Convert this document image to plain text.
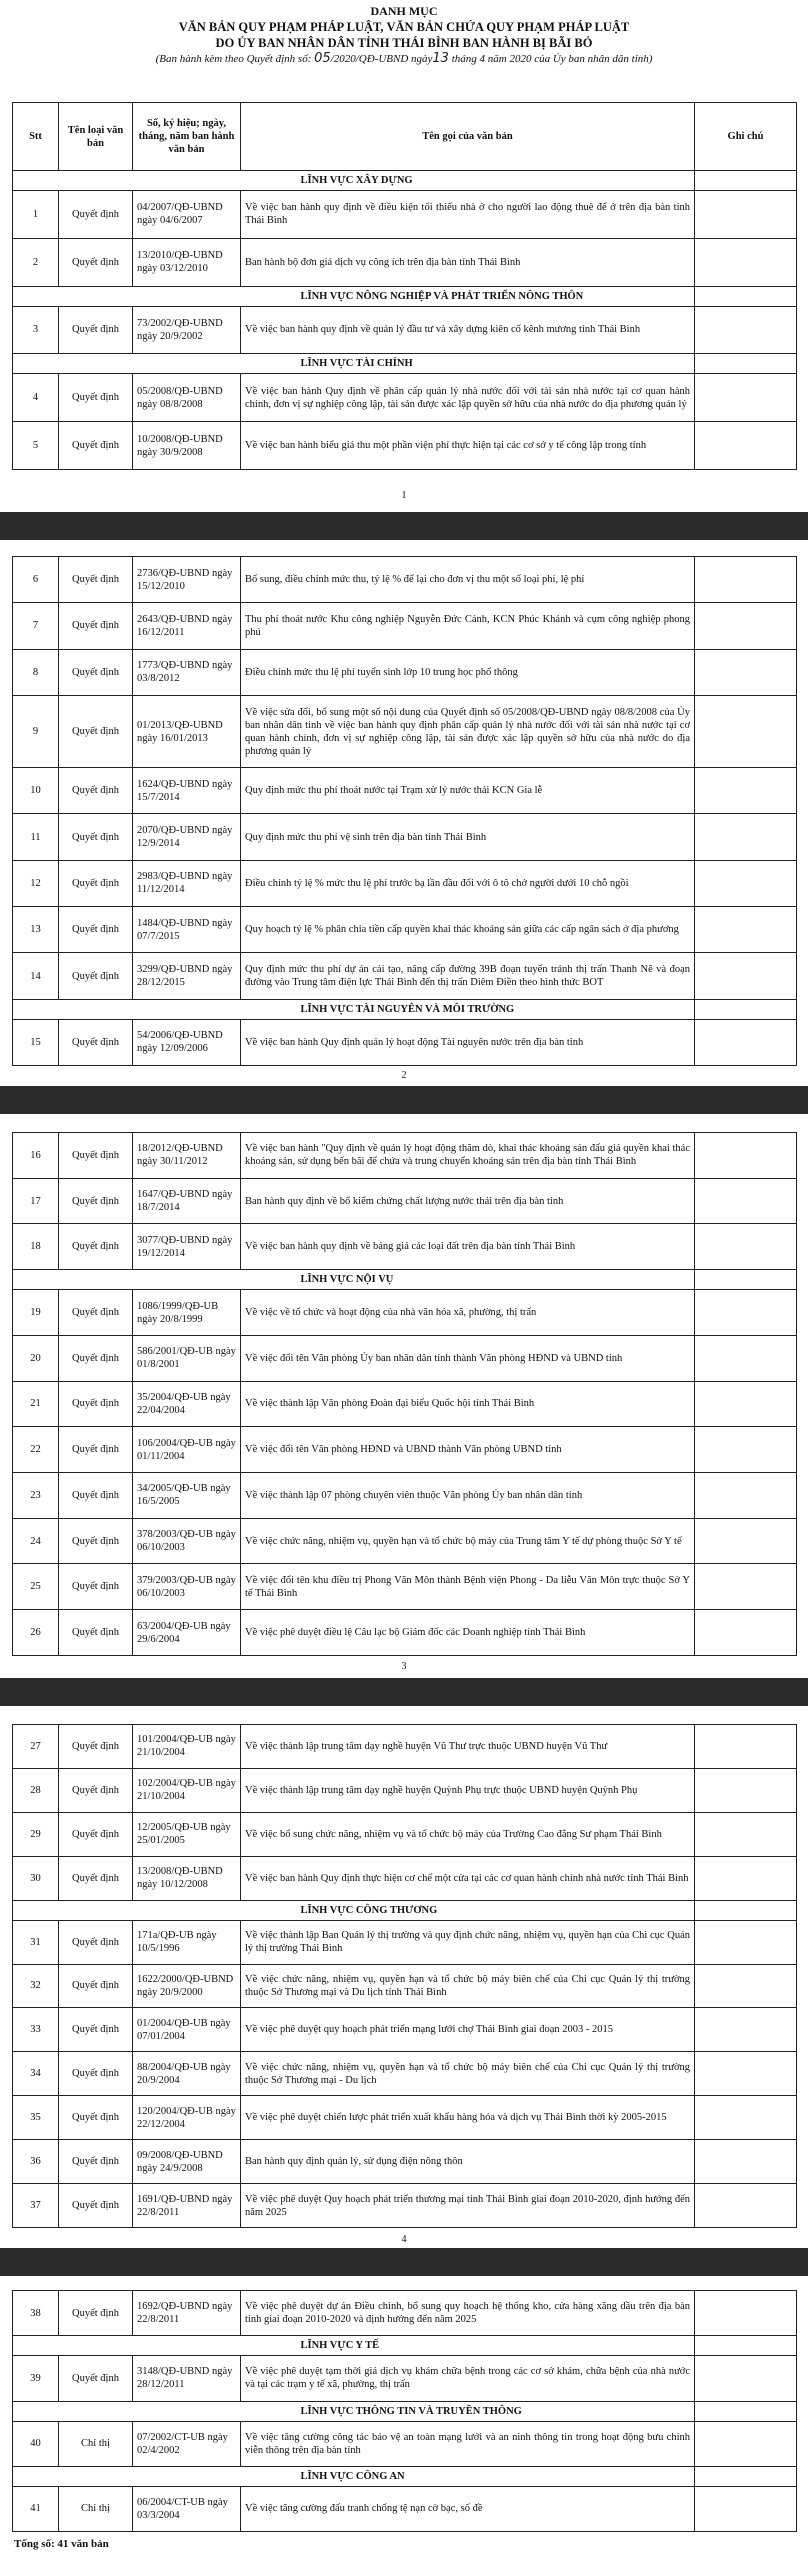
DANH MỤC
VĂN BẢN QUY PHẠM PHÁP LUẬT, VĂN BẢN CHỨA QUY PHẠM PHÁP LUẬT
DO ỦY BAN NHÂN DÂN TỈNH THÁI BÌNH BAN HÀNH BỊ BÃI BỎ
(Ban hành kèm theo Quyết định số: 05/2020/QĐ-UBND ngày13 tháng 4 năm 2020 của Ủy ban nhân dân tỉnh)
Stt	Tên loại văn bản	Số, ký hiệu; ngày, tháng, năm ban hành văn bản	Tên gọi của văn bản	Ghi chú
			LĨNH VỰC XÂY DỰNG	
1	Quyết định	04/2007/QĐ-UBND ngày 04/6/2007	Về việc ban hành quy định về điều kiện tối thiểu nhà ở cho người lao động thuê để ở trên địa bàn tỉnh Thái Bình	
2	Quyết định	13/2010/QĐ-UBND ngày 03/12/2010	Ban hành bộ đơn giá dịch vụ công ích trên địa bàn tỉnh Thái Bình	
			LĨNH VỰC NÔNG NGHIỆP VÀ PHÁT TRIỂN NÔNG THÔN	
3	Quyết định	73/2002/QĐ-UBND ngày 20/9/2002	Về việc ban hành quy định về quản lý đầu tư và xây dựng kiên cố kênh mương tỉnh Thái Bình	
			LĨNH VỰC TÀI CHÍNH	
4	Quyết định	05/2008/QĐ-UBND ngày 08/8/2008	Về việc ban hành Quy định về phân cấp quản lý nhà nước đối với tài sản nhà nước tại cơ quan hành chính, đơn vị sự nghiệp công lập, tài sản được xác lập quyền sở hữu của nhà nước do địa phương quản lý	
5	Quyết định	10/2008/QĐ-UBND ngày 30/9/2008	Về việc ban hành biểu giá thu một phần viện phí thực hiện tại các cơ sở y tế công lập trong tỉnh	
1
6	Quyết định	2736/QĐ-UBND ngày 15/12/2010	Bổ sung, điều chỉnh mức thu, tỷ lệ % để lại cho đơn vị thu một số loại phí, lệ phí	
7	Quyết định	2643/QĐ-UBND ngày 16/12/2011	Thu phí thoát nước Khu công nghiệp Nguyễn Đức Cảnh, KCN Phúc Khánh và cụm công nghiệp phong phú	
8	Quyết định	1773/QĐ-UBND ngày 03/8/2012	Điều chỉnh mức thu lệ phí tuyển sinh lớp 10 trung học phổ thông	
9	Quyết định	01/2013/QĐ-UBND ngày 16/01/2013	Về việc sửa đổi, bổ sung một số nội dung của Quyết định số 05/2008/QĐ-UBND ngày 08/8/2008 của Ủy ban nhân dân tỉnh về việc ban hành quy định phân cấp quản lý nhà nước đối với tài sản nhà nước tại cơ quan hành chính, đơn vị sự nghiệp công lập, tài sản được xác lập quyền sở hữu của nhà nước do địa phương quản lý	
10	Quyết định	1624/QĐ-UBND ngày 15/7/2014	Quy định mức thu phí thoát nước tại Trạm xử lý nước thải KCN Gia lễ	
11	Quyết định	2070/QĐ-UBND ngày 12/9/2014	Quy định mức thu phí vệ sinh trên địa bàn tỉnh Thái Bình	
12	Quyết định	2983/QĐ-UBND ngày 11/12/2014	Điều chỉnh tỷ lệ % mức thu lệ phí trước bạ lần đầu đối với ô tô chở người dưới 10 chỗ ngồi	
13	Quyết định	1484/QĐ-UBND ngày 07/7/2015	Quy hoạch tỷ lệ % phân chia tiền cấp quyền khai thác khoáng sản giữa các cấp ngân sách ở địa phương	
14	Quyết định	3299/QĐ-UBND ngày 28/12/2015	Quy định mức thu phí dự án cải tạo, nâng cấp đường 39B đoạn tuyến tránh thị trấn Thanh Nê và đoạn đường vào Trung tâm điện lực Thái Bình đến thị trấn Diêm Điền theo hình thức BOT	
			LĨNH VỰC TÀI NGUYÊN VÀ MÔI TRƯỜNG	
15	Quyết định	54/2006/QĐ-UBND ngày 12/09/2006	Về việc ban hành Quy định quản lý hoạt động Tài nguyên nước trên địa bàn tỉnh	
2
16	Quyết định	18/2012/QĐ-UBND ngày 30/11/2012	Về việc ban hành "Quy định về quản lý hoạt động thăm dò, khai thác khoáng sản đấu giá quyền khai thác khoáng sản, sử dụng bến bãi để chứa và trung chuyển khoáng sản trên địa bàn tỉnh Thái Bình	
17	Quyết định	1647/QĐ-UBND ngày 18/7/2014	Ban hành quy định về bổ kiểm chứng chất lượng nước thải trên địa bàn tỉnh	
18	Quyết định	3077/QĐ-UBND ngày 19/12/2014	Về việc ban hành quy định về bảng giá các loại đất trên địa bàn tỉnh Thái Bình	
			LĨNH VỰC NỘI VỤ	
19	Quyết định	1086/1999/QĐ-UB ngày 20/8/1999	Về việc về tổ chức và hoạt động của nhà văn hóa xã, phường, thị trấn	
20	Quyết định	586/2001/QĐ-UB ngày 01/8/2001	Về việc đổi tên Văn phòng Ủy ban nhân dân tỉnh thành Văn phòng HĐND và UBND tỉnh	
21	Quyết định	35/2004/QĐ-UB ngày 22/04/2004	Về việc thành lập Văn phòng Đoàn đại biểu Quốc hội tỉnh Thái Bình	
22	Quyết định	106/2004/QĐ-UB ngày 01/11/2004	Về việc đổi tên Văn phòng HĐND và UBND thành Văn phòng UBND tỉnh	
23	Quyết định	34/2005/QĐ-UB ngày 16/5/2005	Về việc thành lập 07 phòng chuyên viên thuộc Văn phòng Ủy ban nhân dân tỉnh	
24	Quyết định	378/2003/QĐ-UB ngày 06/10/2003	Về việc chức năng, nhiệm vụ, quyền hạn và tổ chức bộ máy của Trung tâm Y tế dự phòng thuộc Sở Y tế	
25	Quyết định	379/2003/QĐ-UB ngày 06/10/2003	Về việc đổi tên khu điều trị Phong Văn Môn thành Bệnh viện Phong - Da liễu Văn Môn trực thuộc Sở Y tế Thái Bình	
26	Quyết định	63/2004/QĐ-UB ngày 29/6/2004	Về việc phê duyệt điều lệ Câu lạc bộ Giám đốc các Doanh nghiệp tỉnh Thái Bình	
3
27	Quyết định	101/2004/QĐ-UB ngày 21/10/2004	Về việc thành lập trung tâm dạy nghề huyện Vũ Thư trực thuộc UBND huyện Vũ Thư	
28	Quyết định	102/2004/QĐ-UB ngày 21/10/2004	Về việc thành lập trung tâm dạy nghề huyện Quỳnh Phụ trực thuộc UBND huyện Quỳnh Phụ	
29	Quyết định	12/2005/QĐ-UB ngày 25/01/2005	Về việc bổ sung chức năng, nhiệm vụ và tổ chức bộ máy của Trường Cao đẳng Sư phạm Thái Bình	
30	Quyết định	13/2008/QĐ-UBND ngày 10/12/2008	Về việc ban hành Quy định thực hiện cơ chế một cửa tại các cơ quan hành chính nhà nước tỉnh Thái Bình	
			LĨNH VỰC CÔNG THƯƠNG	
31	Quyết định	171a/QĐ-UB ngày 10/5/1996	Về việc thành lập Ban Quản lý thị trường và quy định chức năng, nhiệm vụ, quyền hạn của Chi cục Quản lý thị trường Thái Bình	
32	Quyết định	1622/2000/QĐ-UBND ngày 20/9/2000	Về việc chức năng, nhiệm vụ, quyền hạn và tổ chức bộ máy biên chế của Chi cục Quản lý thị trường thuộc Sở Thương mại và Du lịch tỉnh Thái Bình	
33	Quyết định	01/2004/QĐ-UB ngày 07/01/2004	Về việc phê duyệt quy hoạch phát triển mạng lưới chợ Thái Bình giai đoạn 2003 - 2015	
34	Quyết định	88/2004/QĐ-UB ngày 20/9/2004	Về việc chức năng, nhiệm vụ, quyền hạn và tổ chức bộ máy biên chế của Chi cục Quản lý thị trường thuộc Sở Thương mại - Du lịch	
35	Quyết định	120/2004/QĐ-UB ngày 22/12/2004	Về việc phê duyệt chiến lược phát triển xuất khẩu hàng hóa và dịch vụ Thái Bình thời kỳ 2005-2015	
36	Quyết định	09/2008/QĐ-UBND ngày 24/9/2008	Ban hành quy định quản lý, sử dụng điện nông thôn	
37	Quyết định	1691/QĐ-UBND ngày 22/8/2011	Về việc phê duyệt Quy hoạch phát triển thương mại tỉnh Thái Bình giai đoạn 2010-2020, định hướng đến năm 2025	
4
38	Quyết định	1692/QĐ-UBND ngày 22/8/2011	Về việc phê duyệt dự án Điều chỉnh, bổ sung quy hoạch hệ thống kho, cửa hàng xăng dầu trên địa bàn tỉnh giai đoạn 2010-2020 và định hướng đến năm 2025	
			LĨNH VỰC Y TẾ	
39	Quyết định	3148/QĐ-UBND ngày 28/12/2011	Về việc phê duyệt tạm thời giá dịch vụ khám chữa bệnh trong các cơ sở khám, chữa bệnh của nhà nước và tại các trạm y tế xã, phường, thị trấn	
			LĨNH VỰC THÔNG TIN VÀ TRUYỀN THÔNG	
40	Chỉ thị	07/2002/CT-UB ngày 02/4/2002	Về việc tăng cường công tác bảo vệ an toàn mạng lưới và an ninh thông tin trong hoạt động bưu chính viễn thông trên địa bàn tỉnh	
			LĨNH VỰC CÔNG AN	
41	Chỉ thị	06/2004/CT-UB ngày 03/3/2004	Về việc tăng cường đấu tranh chống tệ nạn cờ bạc, số đề	
Tổng số: 41 văn bản
